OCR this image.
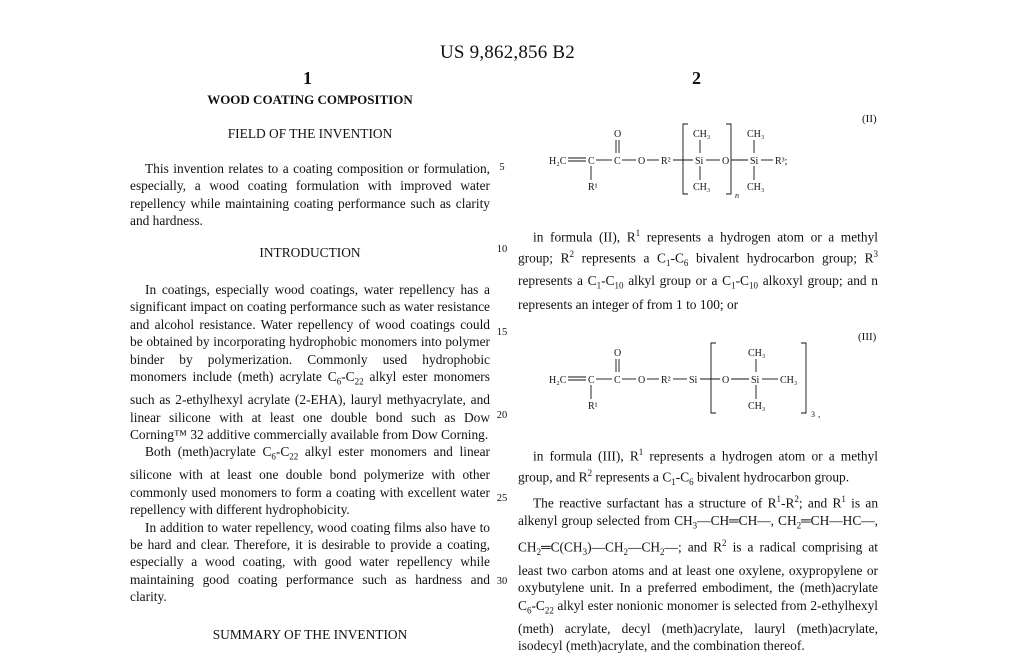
US 9,862,856 B2
1	2
WOOD COATING COMPOSITION
FIELD OF THE INVENTION

This invention relates to a coating composition or formulation, especially, a wood coating formulation with improved water repellency while maintaining coating performance such as clarity and hardness.

INTRODUCTION

In coatings, especially wood coatings, water repellency has a significant impact on coating performance such as water resistance and alcohol resistance. Water repellency of wood coatings could be obtained by incorporating hydrophobic monomers into polymer binder by polymerization. Commonly used hydrophobic monomers include (meth) acrylate $C_6-C_{22}$ alkyl ester monomers such as 2-ethylhexyl acrylate (2-EHA), lauryl methyacrylate, and linear silicone with at least one double bond such as Dow Corning™ 32 additive commercially available from Dow Corning.

Both (meth)acrylate $C_6-C_{22}$ alkyl ester monomers and linear silicone with at least one double bond polymerize with other commonly used monomers to form a coating with excellent water repellency with different hydrophobicity.

In addition to water repellency, wood coating films also have to be hard and clear. Therefore, it is desirable to provide a coating, especially a wood coating, with good water repellency while maintaining good coating performance such as hardness and clarity.

SUMMARY OF THE INVENTION
5
10
15
20
25
30
(II)
H₂C C C O R² Si O Si R³;
O
R¹
CH₃
CH₃
CH₃
CH₃
n

in formula (II), $R^1$ represents a hydrogen atom or a methyl group; $R^2$ represents a $C_1-C_6$ bivalent hydrocarbon group; $R^3$ represents a $C_1-C_{10}$ alkyl group or a $C_1-C_{10}$ alkoxyl group; and n represents an integer of from 1 to 100; or

(III)
H₂C C C O R² Si O Si CH₃
O
R¹
CH₃
CH₃
3 ,

in formula (III), $R^1$ represents a hydrogen atom or a methyl group, and $R^2$ represents a $C_1-C_6$ bivalent hydrocarbon group.

The reactive surfactant has a structure of $R^1-R^2$; and $R^1$ is an alkenyl group selected from $CH_3—CH═CH—$, $CH_2═CH—HC—$, $CH_2═C(CH_3)—CH_2—CH_2—$; and $R^2$ is a radical comprising at least two carbon atoms and at least one oxylene, oxypropylene or oxybutylene unit. In a preferred embodiment, the (meth)acrylate $C_6-C_{22}$ alkyl ester nonionic monomer is selected from 2-ethylhexyl (meth) acrylate, decyl (meth)acrylate, lauryl (meth)acrylate, isodecyl (meth)acrylate, and the combination thereof.
